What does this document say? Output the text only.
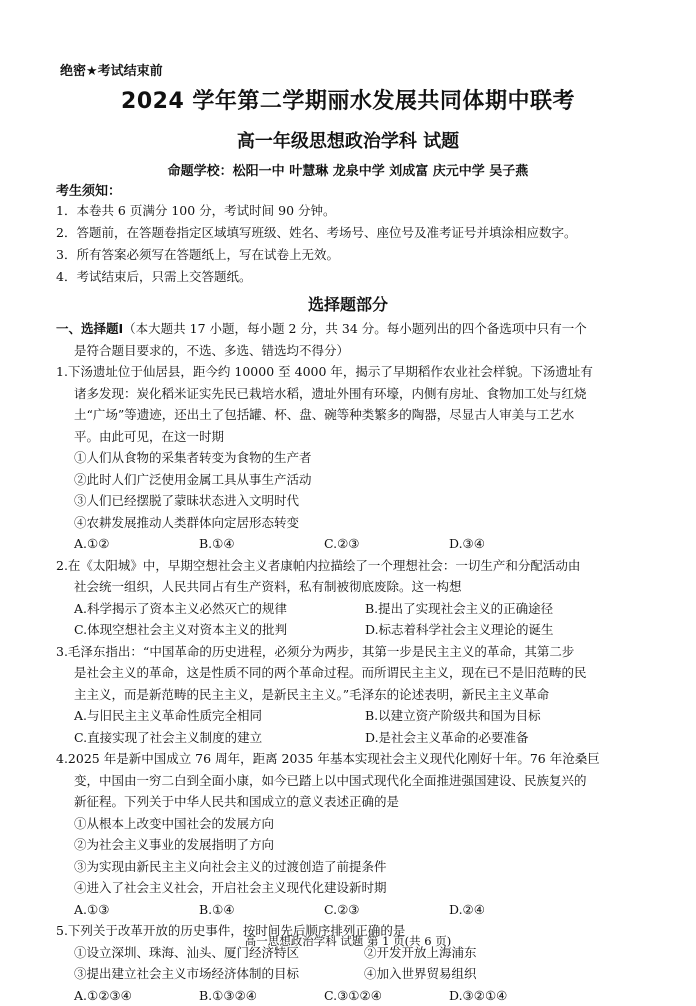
绝密★考试结束前
2024 学年第二学期丽水发展共同体期中联考
高一年级思想政治学科 试题
命题学校：松阳一中 叶慧琳 龙泉中学 刘成富 庆元中学 吴子燕
考生须知：
1．本卷共 6 页满分 100 分，考试时间 90 分钟。
2．答题前，在答题卷指定区域填写班级、姓名、考场号、座位号及准考证号并填涂相应数字。
3．所有答案必须写在答题纸上，写在试卷上无效。
4．考试结束后，只需上交答题纸。
选择题部分
一、选择题Ⅰ（本大题共 17 小题，每小题 2 分，共 34 分。每小题列出的四个备选项中只有一个
是符合题目要求的，不选、多选、错选均不得分）
1.下汤遗址位于仙居县，距今约 10000 至 4000 年，揭示了早期稻作农业社会样貌。下汤遗址有
诸多发现：炭化稻米证实先民已栽培水稻，遗址外围有环壕，内侧有房址、食物加工处与红烧
土“广场”等遗迹，还出土了包括罐、杯、盘、碗等种类繁多的陶器，尽显古人审美与工艺水
平。由此可见，在这一时期
①人们从食物的采集者转变为食物的生产者
②此时人们广泛使用金属工具从事生产活动
③人们已经摆脱了蒙昧状态进入文明时代
④农耕发展推动人类群体向定居形态转变
A.①②	B.①④	C.②③	D.③④
2.在《太阳城》中，早期空想社会主义者康帕内拉描绘了一个理想社会：一切生产和分配活动由
社会统一组织，人民共同占有生产资料，私有制被彻底废除。这一构想
A.科学揭示了资本主义必然灭亡的规律	B.提出了实现社会主义的正确途径
C.体现空想社会主义对资本主义的批判	D.标志着科学社会主义理论的诞生
3.毛泽东指出：“中国革命的历史进程，必须分为两步，其第一步是民主主义的革命，其第二步
是社会主义的革命，这是性质不同的两个革命过程。而所谓民主主义，现在已不是旧范畴的民
主主义，而是新范畴的民主主义，是新民主主义。”毛泽东的论述表明，新民主主义革命
A.与旧民主主义革命性质完全相同	B.以建立资产阶级共和国为目标
C.直接实现了社会主义制度的建立	D.是社会主义革命的必要准备
4.2025 年是新中国成立 76 周年，距离 2035 年基本实现社会主义现代化刚好十年。76 年沧桑巨
变，中国由一穷二白到全面小康，如今已踏上以中国式现代化全面推进强国建设、民族复兴的
新征程。下列关于中华人民共和国成立的意义表述正确的是
①从根本上改变中国社会的发展方向
②为社会主义事业的发展指明了方向
③为实现由新民主主义向社会主义的过渡创造了前提条件
④进入了社会主义社会，开启社会主义现代化建设新时期
A.①③	B.①④	C.②③	D.②④
5.下列关于改革开放的历史事件，按时间先后顺序排列正确的是
①设立深圳、珠海、汕头、厦门经济特区	②开发开放上海浦东
③提出建立社会主义市场经济体制的目标	④加入世界贸易组织
A.①②③④	B.①③②④	C.③①②④	D.③②①④
高一思想政治学科 试题 第 1 页(共 6 页)
